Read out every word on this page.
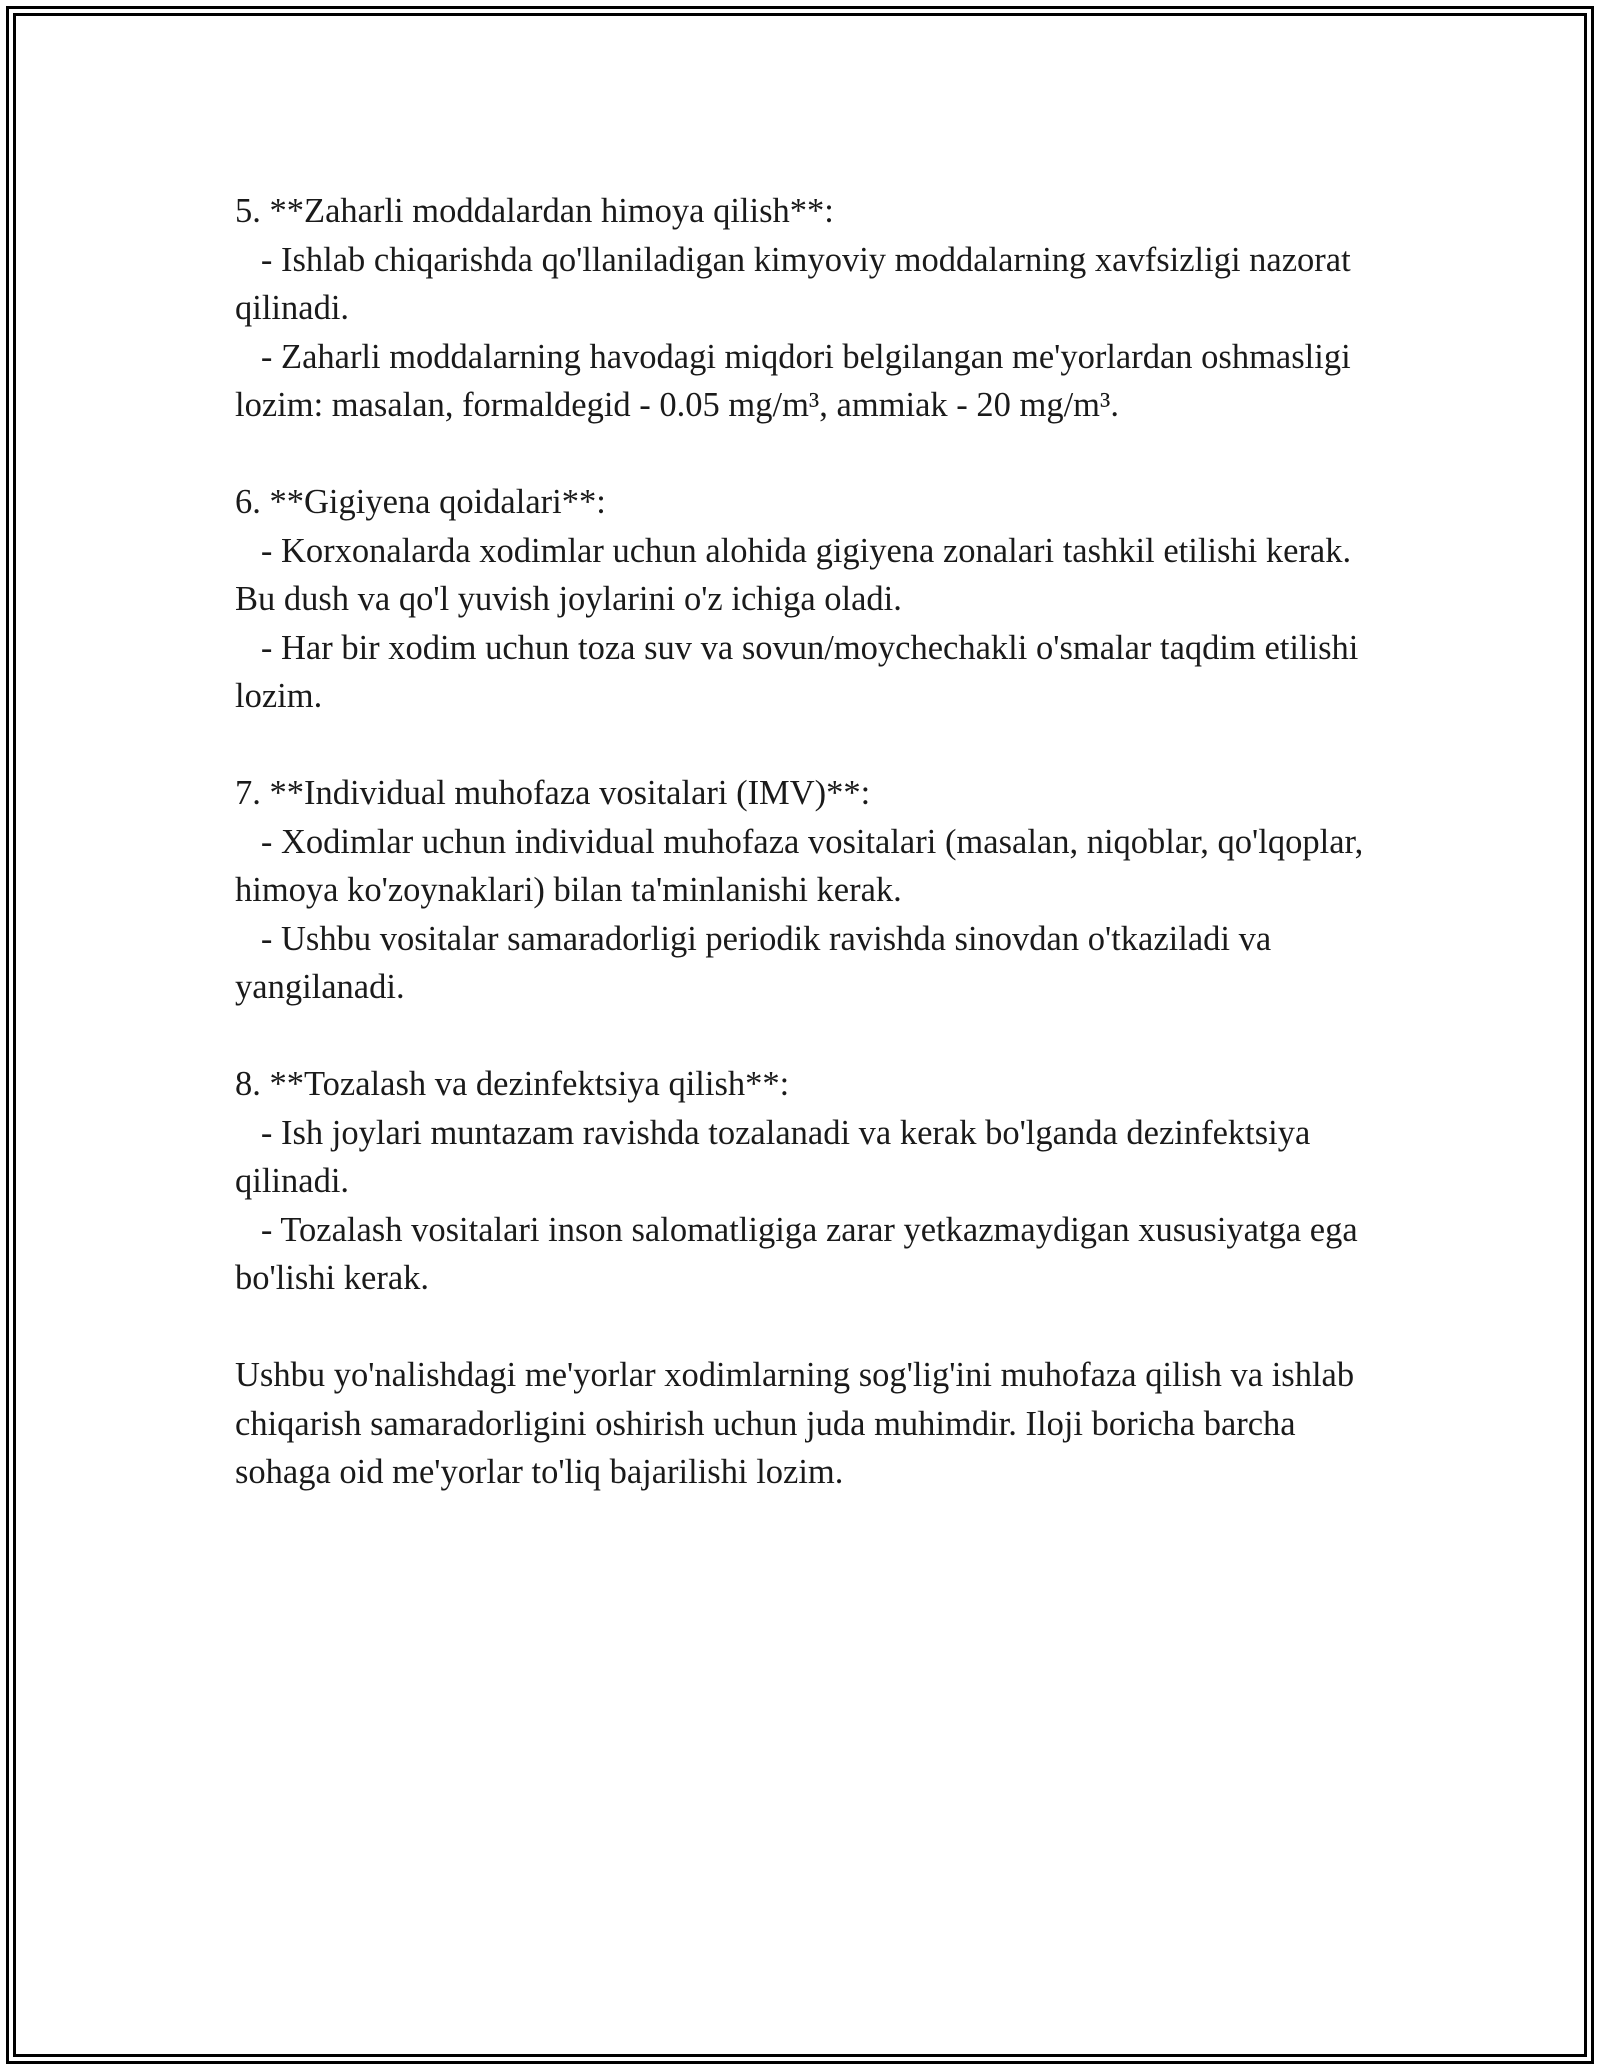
5. **Zaharli moddalardan himoya qilish**:
- Ishlab chiqarishda qo'llaniladigan kimyoviy moddalarning xavfsizligi nazorat qilinadi.
- Zaharli moddalarning havodagi miqdori belgilangan me'yorlardan oshmasligi lozim: masalan, formaldegid - 0.05 mg/m³, ammiak - 20 mg/m³.
6. **Gigiyena qoidalari**:
- Korxonalarda xodimlar uchun alohida gigiyena zonalari tashkil etilishi kerak. Bu dush va qo'l yuvish joylarini o'z ichiga oladi.
- Har bir xodim uchun toza suv va sovun/moychechakli o'smalar taqdim etilishi lozim.
7. **Individual muhofaza vositalari (IMV)**:
- Xodimlar uchun individual muhofaza vositalari (masalan, niqoblar, qo'lqoplar, himoya ko'zoynaklari) bilan ta'minlanishi kerak.
- Ushbu vositalar samaradorligi periodik ravishda sinovdan o'tkaziladi va yangilanadi.
8. **Tozalash va dezinfektsiya qilish**:
- Ish joylari muntazam ravishda tozalanadi va kerak bo'lganda dezinfektsiya qilinadi.
- Tozalash vositalari inson salomatligiga zarar yetkazmaydigan xususiyatga ega bo'lishi kerak.
Ushbu yo'nalishdagi me'yorlar xodimlarning sog'lig'ini muhofaza qilish va ishlab chiqarish samaradorligini oshirish uchun juda muhimdir. Iloji boricha barcha sohaga oid me'yorlar to'liq bajarilishi lozim.
